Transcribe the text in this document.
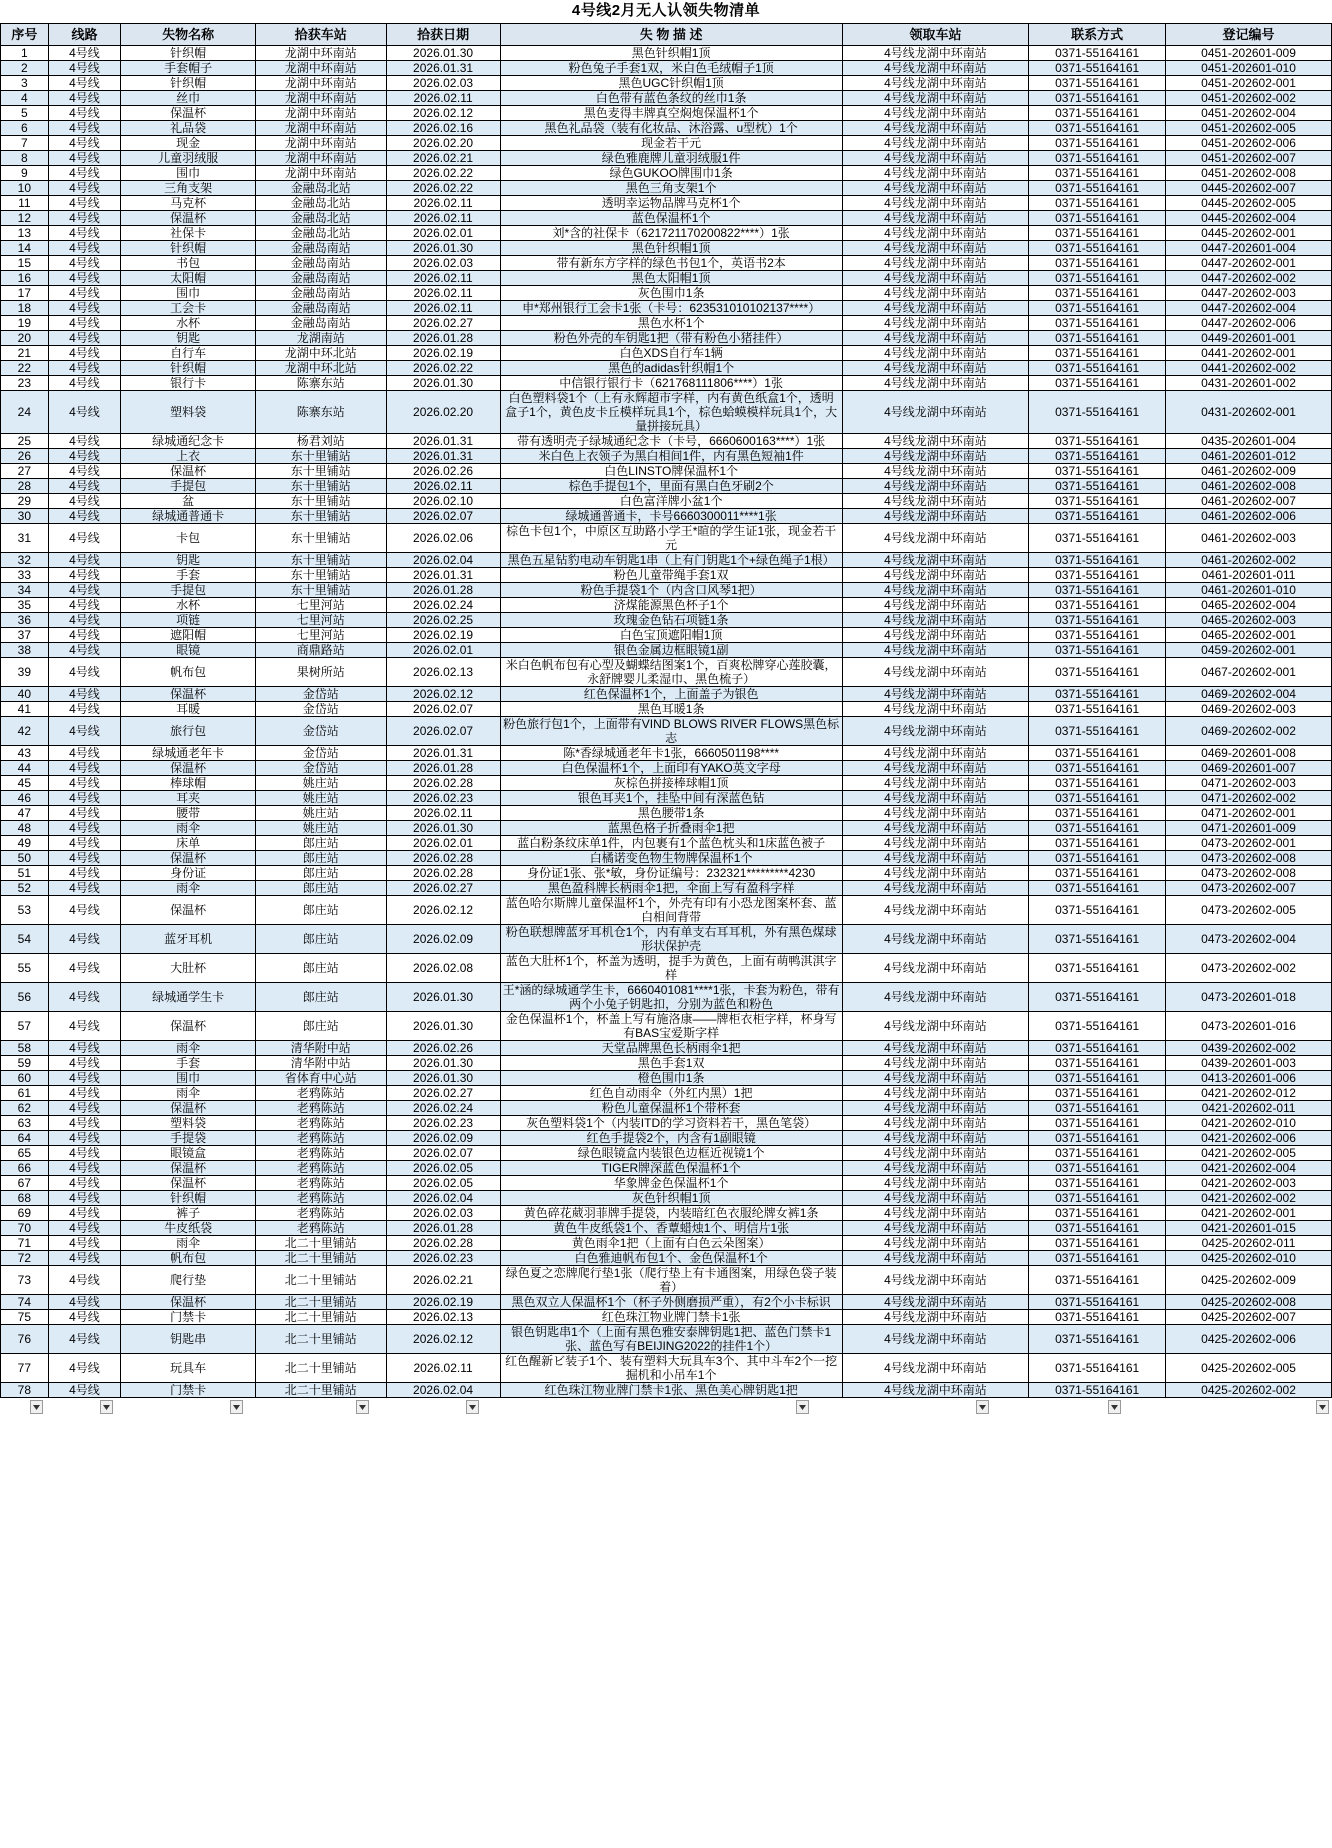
4号线2月无人认领失物清单
序号	线路	失物名称	拾获车站	拾获日期	失 物 描 述	领取车站	联系方式	登记编号
1	4号线	针织帽	龙湖中环南站	2026.01.30	黑色针织帽1顶	4号线龙湖中环南站	0371-55164161	0451-202601-009
2	4号线	手套帽子	龙湖中环南站	2026.01.31	粉色兔子手套1双，米白色毛绒帽子1顶	4号线龙湖中环南站	0371-55164161	0451-202601-010
3	4号线	针织帽	龙湖中环南站	2026.02.03	黑色UGC针织帽1顶	4号线龙湖中环南站	0371-55164161	0451-202602-001
4	4号线	丝巾	龙湖中环南站	2026.02.11	白色带有蓝色条纹的丝巾1条	4号线龙湖中环南站	0371-55164161	0451-202602-002
5	4号线	保温杯	龙湖中环南站	2026.02.12	黑色麦得丰牌真空焖炮保温杯1个	4号线龙湖中环南站	0371-55164161	0451-202602-004
6	4号线	礼品袋	龙湖中环南站	2026.02.16	黑色礼品袋（装有化妆品、沐浴露、u型枕）1个	4号线龙湖中环南站	0371-55164161	0451-202602-005
7	4号线	现金	龙湖中环南站	2026.02.20	现金若干元	4号线龙湖中环南站	0371-55164161	0451-202602-006
8	4号线	儿童羽绒服	龙湖中环南站	2026.02.21	绿色雅鹿牌儿童羽绒服1件	4号线龙湖中环南站	0371-55164161	0451-202602-007
9	4号线	围巾	龙湖中环南站	2026.02.22	绿色GUKOO牌围巾1条	4号线龙湖中环南站	0371-55164161	0451-202602-008
10	4号线	三角支架	金融岛北站	2026.02.22	黑色三角支架1个	4号线龙湖中环南站	0371-55164161	0445-202602-007
11	4号线	马克杯	金融岛北站	2026.02.11	透明幸运物品牌马克杯1个	4号线龙湖中环南站	0371-55164161	0445-202602-005
12	4号线	保温杯	金融岛北站	2026.02.11	蓝色保温杯1个	4号线龙湖中环南站	0371-55164161	0445-202602-004
13	4号线	社保卡	金融岛北站	2026.02.01	刘*含的社保卡（621721170200822****）1张	4号线龙湖中环南站	0371-55164161	0445-202602-001
14	4号线	针织帽	金融岛南站	2026.01.30	黑色针织帽1顶	4号线龙湖中环南站	0371-55164161	0447-202601-004
15	4号线	书包	金融岛南站	2026.02.03	带有新东方字样的绿色书包1个，英语书2本	4号线龙湖中环南站	0371-55164161	0447-202602-001
16	4号线	太阳帽	金融岛南站	2026.02.11	黑色太阳帽1顶	4号线龙湖中环南站	0371-55164161	0447-202602-002
17	4号线	围巾	金融岛南站	2026.02.11	灰色围巾1条	4号线龙湖中环南站	0371-55164161	0447-202602-003
18	4号线	工会卡	金融岛南站	2026.02.11	申*郑州银行工会卡1张（卡号：623531010102137****）	4号线龙湖中环南站	0371-55164161	0447-202602-004
19	4号线	水杯	金融岛南站	2026.02.27	黑色水杯1个	4号线龙湖中环南站	0371-55164161	0447-202602-006
20	4号线	钥匙	龙湖南站	2026.01.28	粉色外壳的车钥匙1把（带有粉色小猪挂件）	4号线龙湖中环南站	0371-55164161	0449-202601-001
21	4号线	自行车	龙湖中环北站	2026.02.19	白色XDS自行车1辆	4号线龙湖中环南站	0371-55164161	0441-202602-001
22	4号线	针织帽	龙湖中环北站	2026.02.22	黑色的adidas针织帽1个	4号线龙湖中环南站	0371-55164161	0441-202602-002
23	4号线	银行卡	陈寨东站	2026.01.30	中信银行银行卡（621768111806****）1张	4号线龙湖中环南站	0371-55164161	0431-202601-002
24	4号线	塑料袋	陈寨东站	2026.02.20	白色塑料袋1个（上有永辉超市字样，内有黄色纸盒1个，透明盒子1个，黄色皮卡丘模样玩具1个，棕色蛤蟆模样玩具1个，大量拼接玩具）	4号线龙湖中环南站	0371-55164161	0431-202602-001
25	4号线	绿城通纪念卡	杨君刘站	2026.01.31	带有透明壳子绿城通纪念卡（卡号，6660600163****）1张	4号线龙湖中环南站	0371-55164161	0435-202601-004
26	4号线	上衣	东十里铺站	2026.01.31	米白色上衣领子为黑白相间1件，内有黑色短袖1件	4号线龙湖中环南站	0371-55164161	0461-202601-012
27	4号线	保温杯	东十里铺站	2026.02.26	白色LINSTO牌保温杯1个	4号线龙湖中环南站	0371-55164161	0461-202602-009
28	4号线	手提包	东十里铺站	2026.02.11	棕色手提包1个，里面有黑白色牙刷2个	4号线龙湖中环南站	0371-55164161	0461-202602-008
29	4号线	盆	东十里铺站	2026.02.10	白色富洋牌小盆1个	4号线龙湖中环南站	0371-55164161	0461-202602-007
30	4号线	绿城通普通卡	东十里铺站	2026.02.07	绿城通普通卡，卡号6660300011****1张	4号线龙湖中环南站	0371-55164161	0461-202602-006
31	4号线	卡包	东十里铺站	2026.02.06	棕色卡包1个，中原区互助路小学王*暄的学生证1张，现金若干元	4号线龙湖中环南站	0371-55164161	0461-202602-003
32	4号线	钥匙	东十里铺站	2026.02.04	黑色五星钻豹电动车钥匙1串（上有门钥匙1个+绿色绳子1根）	4号线龙湖中环南站	0371-55164161	0461-202602-002
33	4号线	手套	东十里铺站	2026.01.31	粉色儿童带绳手套1双	4号线龙湖中环南站	0371-55164161	0461-202601-011
34	4号线	手提包	东十里铺站	2026.01.28	粉色手提袋1个（内含口风琴1把）	4号线龙湖中环南站	0371-55164161	0461-202601-010
35	4号线	水杯	七里河站	2026.02.24	济煤能源黑色杯子1个	4号线龙湖中环南站	0371-55164161	0465-202602-004
36	4号线	项链	七里河站	2026.02.25	玫瑰金色钻石项链1条	4号线龙湖中环南站	0371-55164161	0465-202602-003
37	4号线	遮阳帽	七里河站	2026.02.19	白色宝顶遮阳帽1顶	4号线龙湖中环南站	0371-55164161	0465-202602-001
38	4号线	眼镜	商鼎路站	2026.02.01	银色金属边框眼镜1副	4号线龙湖中环南站	0371-55164161	0459-202602-001
39	4号线	帆布包	果树所站	2026.02.13	米白色帆布包有心型及蝴蝶结图案1个，百爽松牌穿心莲胶囊，永舒牌婴儿柔湿巾、黑色梳子）	4号线龙湖中环南站	0371-55164161	0467-202602-001
40	4号线	保温杯	金岱站	2026.02.12	红色保温杯1个，上面盖子为银色	4号线龙湖中环南站	0371-55164161	0469-202602-004
41	4号线	耳暖	金岱站	2026.02.07	黑色耳暖1条	4号线龙湖中环南站	0371-55164161	0469-202602-003
42	4号线	旅行包	金岱站	2026.02.07	粉色旅行包1个，上面带有VIND BLOWS RIVER FLOWS黑色标志	4号线龙湖中环南站	0371-55164161	0469-202602-002
43	4号线	绿城通老年卡	金岱站	2026.01.31	陈*香绿城通老年卡1张，6660501198****	4号线龙湖中环南站	0371-55164161	0469-202601-008
44	4号线	保温杯	金岱站	2026.01.28	白色保温杯1个，上面印有YAKO英文字母	4号线龙湖中环南站	0371-55164161	0469-202601-007
45	4号线	棒球帽	姚庄站	2026.02.28	灰棕色拼接棒球帽1顶	4号线龙湖中环南站	0371-55164161	0471-202602-003
46	4号线	耳夹	姚庄站	2026.02.23	银色耳夹1个，挂坠中间有深蓝色钻	4号线龙湖中环南站	0371-55164161	0471-202602-002
47	4号线	腰带	姚庄站	2026.02.11	黑色腰带1条	4号线龙湖中环南站	0371-55164161	0471-202602-001
48	4号线	雨伞	姚庄站	2026.01.30	蓝黑色格子折叠雨伞1把	4号线龙湖中环南站	0371-55164161	0471-202601-009
49	4号线	床单	郎庄站	2026.02.01	蓝白粉条纹床单1件，内包裹有1个蓝色枕头和1床蓝色被子	4号线龙湖中环南站	0371-55164161	0473-202602-001
50	4号线	保温杯	郎庄站	2026.02.28	白橘诺变色物生物牌保温杯1个	4号线龙湖中环南站	0371-55164161	0473-202602-008
51	4号线	身份证	郎庄站	2026.02.28	身份证1张、张*敏，身份证编号：232321*********4230	4号线龙湖中环南站	0371-55164161	0473-202602-008
52	4号线	雨伞	郎庄站	2026.02.27	黑色盈科牌长柄雨伞1把，伞面上写有盈科字样	4号线龙湖中环南站	0371-55164161	0473-202602-007
53	4号线	保温杯	郎庄站	2026.02.12	蓝色哈尔斯牌儿童保温杯1个，外壳有印有小恐龙图案杯套、蓝白相间背带	4号线龙湖中环南站	0371-55164161	0473-202602-005
54	4号线	蓝牙耳机	郎庄站	2026.02.09	粉色联想牌蓝牙耳机仓1个，内有单支右耳耳机，外有黑色煤球形状保护壳	4号线龙湖中环南站	0371-55164161	0473-202602-004
55	4号线	大肚杯	郎庄站	2026.02.08	蓝色大肚杯1个，杯盖为透明，提手为黄色，上面有萌鸭淇淇字样	4号线龙湖中环南站	0371-55164161	0473-202602-002
56	4号线	绿城通学生卡	郎庄站	2026.01.30	王*涵的绿城通学生卡，6660401081****1张，卡套为粉色，带有两个小兔子钥匙扣，分别为蓝色和粉色	4号线龙湖中环南站	0371-55164161	0473-202601-018
57	4号线	保温杯	郎庄站	2026.01.30	金色保温杯1个，杯盖上写有施洛康——牌柜衣柜字样，杯身写有BAS宝爱斯字样	4号线龙湖中环南站	0371-55164161	0473-202601-016
58	4号线	雨伞	清华附中站	2026.02.26	天堂品牌黑色长柄雨伞1把	4号线龙湖中环南站	0371-55164161	0439-202602-002
59	4号线	手套	清华附中站	2026.01.30	黑色手套1双	4号线龙湖中环南站	0371-55164161	0439-202601-003
60	4号线	围巾	省体育中心站	2026.01.30	橙色围巾1条	4号线龙湖中环南站	0371-55164161	0413-202601-006
61	4号线	雨伞	老鸦陈站	2026.02.27	红色自动雨伞（外红内黑）1把	4号线龙湖中环南站	0371-55164161	0421-202602-012
62	4号线	保温杯	老鸦陈站	2026.02.24	粉色儿童保温杯1个带杯套	4号线龙湖中环南站	0371-55164161	0421-202602-011
63	4号线	塑料袋	老鸦陈站	2026.02.23	灰色塑料袋1个（内装ITD的学习资料若干，黑色笔袋）	4号线龙湖中环南站	0371-55164161	0421-202602-010
64	4号线	手提袋	老鸦陈站	2026.02.09	红色手提袋2个，内含有1副眼镜	4号线龙湖中环南站	0371-55164161	0421-202602-006
65	4号线	眼镜盒	老鸦陈站	2026.02.07	绿色眼镜盒内装银色边框近视镜1个	4号线龙湖中环南站	0371-55164161	0421-202602-005
66	4号线	保温杯	老鸦陈站	2026.02.05	TIGER牌深蓝色保温杯1个	4号线龙湖中环南站	0371-55164161	0421-202602-004
67	4号线	保温杯	老鸦陈站	2026.02.05	华象牌金色保温杯1个	4号线龙湖中环南站	0371-55164161	0421-202602-003
68	4号线	针织帽	老鸦陈站	2026.02.04	灰色针织帽1顶	4号线龙湖中环南站	0371-55164161	0421-202602-002
69	4号线	裤子	老鸦陈站	2026.02.03	黄色碎花葳羽菲牌手提袋，内装暗红色衣服纶牌女裤1条	4号线龙湖中环南站	0371-55164161	0421-202602-001
70	4号线	牛皮纸袋	老鸦陈站	2026.01.28	黄色牛皮纸袋1个、香蕈蜡烛1个、明信片1张	4号线龙湖中环南站	0371-55164161	0421-202601-015
71	4号线	雨伞	北二十里铺站	2026.02.28	黄色雨伞1把（上面有白色云朵图案）	4号线龙湖中环南站	0371-55164161	0425-202602-011
72	4号线	帆布包	北二十里铺站	2026.02.23	白色雅迪帆布包1个、金色保温杯1个	4号线龙湖中环南站	0371-55164161	0425-202602-010
73	4号线	爬行垫	北二十里铺站	2026.02.21	绿色夏之恋牌爬行垫1张（爬行垫上有卡通图案，用绿色袋子装着）	4号线龙湖中环南站	0371-55164161	0425-202602-009
74	4号线	保温杯	北二十里铺站	2026.02.19	黑色双立人保温杯1个（杯子外侧磨损严重），有2个小卡标识	4号线龙湖中环南站	0371-55164161	0425-202602-008
75	4号线	门禁卡	北二十里铺站	2026.02.13	红色珠江物业牌门禁卡1张	4号线龙湖中环南站	0371-55164161	0425-202602-007
76	4号线	钥匙串	北二十里铺站	2026.02.12	银色钥匙串1个（上面有黑色雅安泰牌钥匙1把、蓝色门禁卡1张、蓝色写有BEIJING2022的挂件1个）	4号线龙湖中环南站	0371-55164161	0425-202602-006
77	4号线	玩具车	北二十里铺站	2026.02.11	红色醒新ビ装子1个、装有塑料大玩具车3个、其中斗车2个一挖掘机和小吊车1个	4号线龙湖中环南站	0371-55164161	0425-202602-005
78	4号线	门禁卡	北二十里铺站	2026.02.04	红色珠江物业牌门禁卡1张、黑色美心牌钥匙1把	4号线龙湖中环南站	0371-55164161	0425-202602-002
